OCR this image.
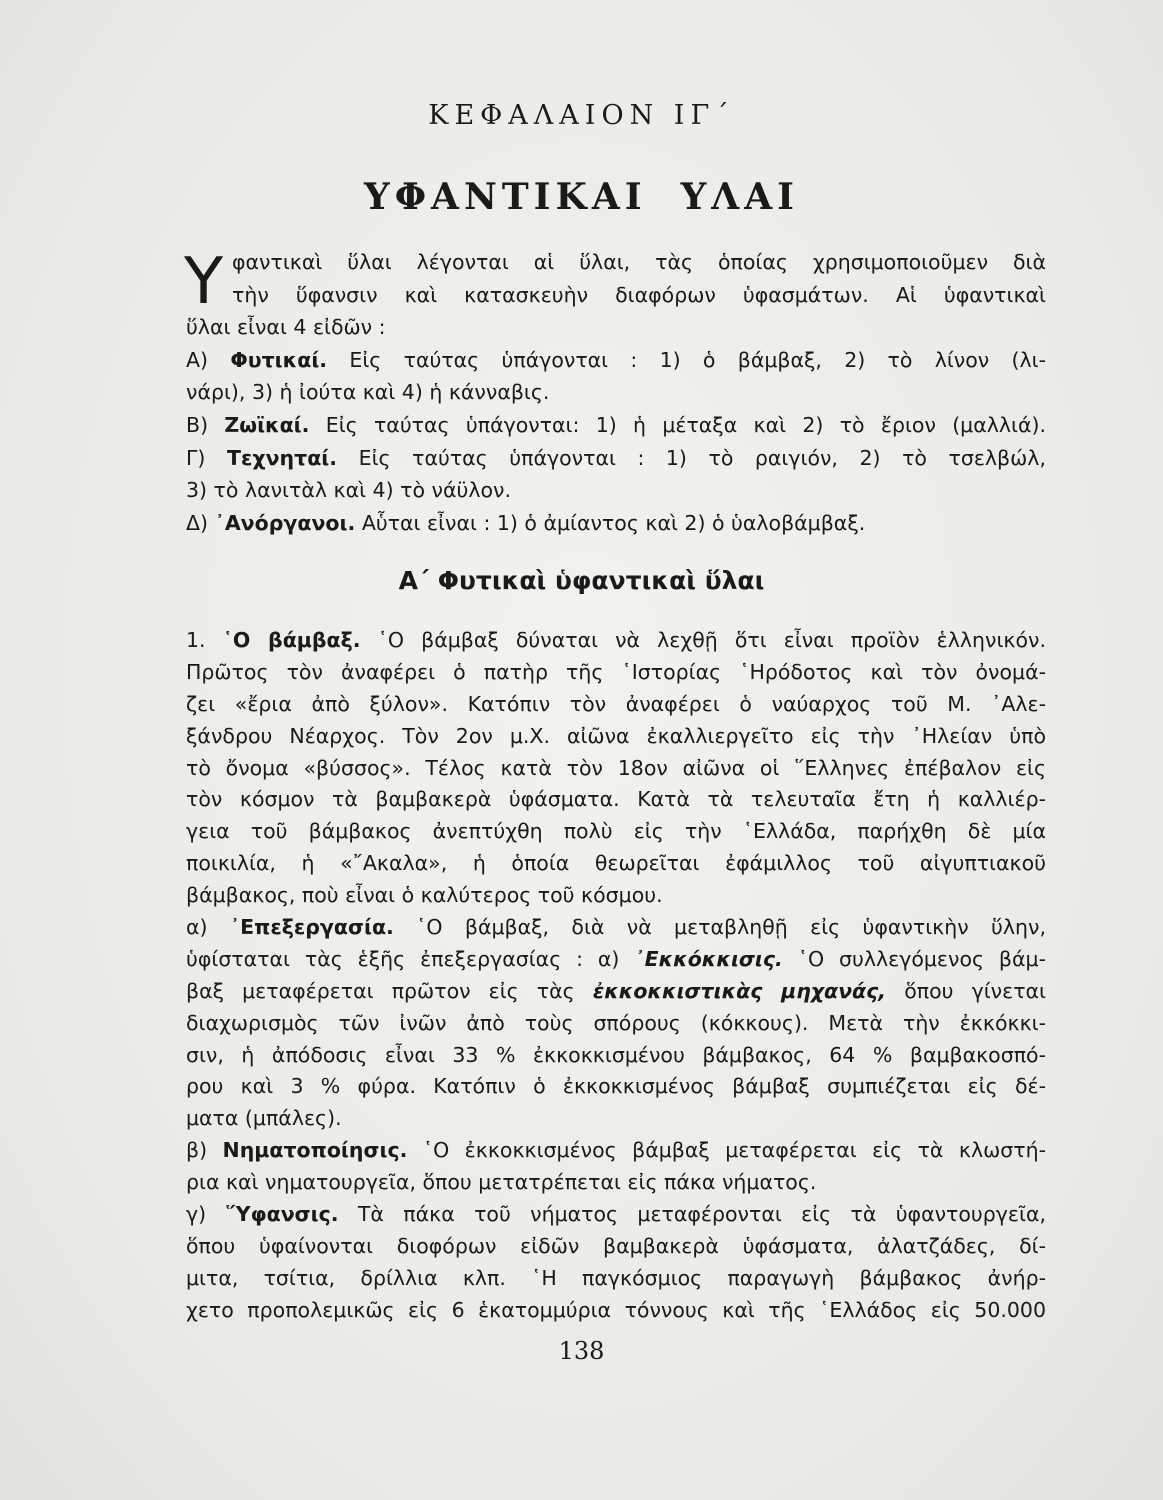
ΚΕΦΑΛΑΙΟΝ ΙΓ΄
ΥΦΑΝΤΙΚΑΙ ΥΛΑΙ
Υ φαντικαὶ ὕλαι λέγονται αἱ ὕλαι, τὰς ὁποίας χρησιμοποιοῦμεν διὰ
τὴν ὕφανσιν καὶ κατασκευὴν διαφόρων ὑφασμάτων. Αἱ ὑφαντικαὶ
ὕλαι εἶναι 4 εἰδῶν :
Α) Φυτικαί. Εἰς ταύτας ὑπάγονται : 1) ὁ βάμβαξ, 2) τὸ λίνον (λι-
νάρι), 3) ἡ ἰούτα καὶ 4) ἡ κάνναβις.
Β) Ζωϊκαί. Εἰς ταύτας ὑπάγονται: 1) ἡ μέταξα καὶ 2) τὸ ἔριον (μαλλιά).
Γ) Τεχνηταί. Εἰς ταύτας ὑπάγονται : 1) τὸ ραιγιόν, 2) τὸ τσελβώλ,
3) τὸ λανιτὰλ καὶ 4) τὸ νάϋλον.
Δ) ᾿Ανόργανοι. Αὗται εἶναι : 1) ὁ ἀμίαντος καὶ 2) ὁ ὑαλοβάμβαξ.
Α΄ Φυτικαὶ ὑφαντικαὶ ὕλαι
1. ῾Ο βάμβαξ. ῾Ο βάμβαξ δύναται νὰ λεχθῇ ὅτι εἶναι προϊὸν ἑλληνικόν.
Πρῶτος τὸν ἀναφέρει ὁ πατὴρ τῆς ῾Ιστορίας ῾Ηρόδοτος καὶ τὸν ὀνομά-
ζει «ἔρια ἀπὸ ξύλον». Κατόπιν τὸν ἀναφέρει ὁ ναύαρχος τοῦ Μ. ᾿Αλε-
ξάνδρου Νέαρχος. Τὸν 2ον μ.Χ. αἰῶνα ἐκαλλιεργεῖτο εἰς τὴν ᾿Ηλείαν ὑπὸ
τὸ ὄνομα «βύσσος». Τέλος κατὰ τὸν 18ον αἰῶνα οἱ ῞Ελληνες ἐπέβαλον εἰς
τὸν κόσμον τὰ βαμβακερὰ ὑφάσματα. Κατὰ τὰ τελευταῖα ἔτη ἡ καλλιέρ-
γεια τοῦ βάμβακος ἀνεπτύχθη πολὺ εἰς τὴν ῾Ελλάδα, παρήχθη δὲ μία
ποικιλία, ἡ «῎Ακαλα», ἡ ὁποία θεωρεῖται ἐφάμιλλος τοῦ αἰγυπτιακοῦ
βάμβακος, ποὺ εἶναι ὁ καλύτερος τοῦ κόσμου.
α) ᾿Επεξεργασία. ῾Ο βάμβαξ, διὰ νὰ μεταβληθῇ εἰς ὑφαντικὴν ὕλην,
ὑφίσταται τὰς ἑξῆς ἐπεξεργασίας : α) ᾿Εκκόκκισις. ῾Ο συλλεγόμενος βάμ-
βαξ μεταφέρεται πρῶτον εἰς τὰς ἐκκοκκιστικὰς μηχανάς, ὅπου γίνεται
διαχωρισμὸς τῶν ἰνῶν ἀπὸ τοὺς σπόρους (κόκκους). Μετὰ τὴν ἐκκόκκι-
σιν, ἡ ἀπόδοσις εἶναι 33 % ἐκκοκκισμένου βάμβακος, 64 % βαμβακοσπό-
ρου καὶ 3 % φύρα. Κατόπιν ὁ ἐκκοκκισμένος βάμβαξ συμπιέζεται εἰς δέ-
ματα (μπάλες).
β) Νηματοποίησις. ῾Ο ἐκκοκκισμένος βάμβαξ μεταφέρεται εἰς τὰ κλωστή-
ρια καὶ νηματουργεῖα, ὅπου μετατρέπεται εἰς πάκα νήματος.
γ) ῞Υφανσις. Τὰ πάκα τοῦ νήματος μεταφέρονται εἰς τὰ ὑφαντουργεῖα,
ὅπου ὑφαίνονται διοφόρων εἰδῶν βαμβακερὰ ὑφάσματα, ἀλατζάδες, δί-
μιτα, τσίτια, δρίλλια κλπ. ῾Η παγκόσμιος παραγωγὴ βάμβακος ἀνήρ-
χετο προπολεμικῶς εἰς 6 ἑκατομμύρια τόννους καὶ τῆς ῾Ελλάδος εἰς 50.000
138
